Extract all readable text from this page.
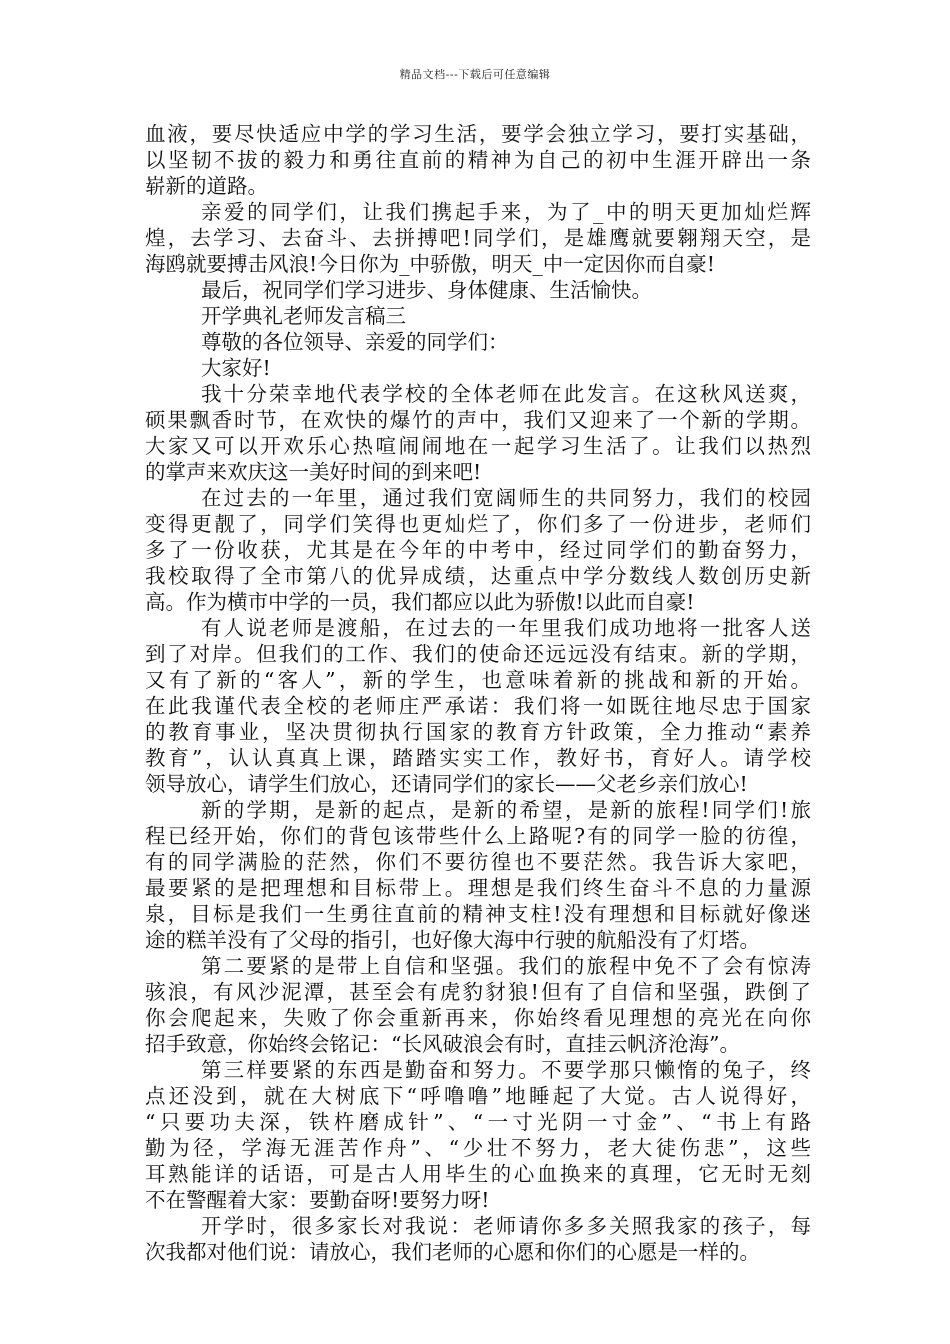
精品文档---下载后可任意编辑
血液，要尽快适应中学的学习生活，要学会独立学习，要打实基础，
以坚韧不拔的毅力和勇往直前的精神为自己的初中生涯开辟出一条
崭新的道路。
亲爱的同学们，让我们携起手来，为了_中的明天更加灿烂辉
煌，去学习、去奋斗、去拼搏吧!同学们，是雄鹰就要翱翔天空，是
海鸥就要搏击风浪!今日你为_中骄傲，明天_中一定因你而自豪!
最后，祝同学们学习进步、身体健康、生活愉快。
开学典礼老师发言稿三
尊敬的各位领导、亲爱的同学们：
大家好!
我十分荣幸地代表学校的全体老师在此发言。在这秋风送爽，
硕果飘香时节，在欢快的爆竹的声中，我们又迎来了一个新的学期。
大家又可以开欢乐心热喧闹闹地在一起学习生活了。让我们以热烈
的掌声来欢庆这一美好时间的到来吧!
在过去的一年里，通过我们宽阔师生的共同努力，我们的校园
变得更靓了，同学们笑得也更灿烂了，你们多了一份进步，老师们
多了一份收获，尤其是在今年的中考中，经过同学们的勤奋努力，
我校取得了全市第八的优异成绩，达重点中学分数线人数创历史新
高。作为横市中学的一员，我们都应以此为骄傲!以此而自豪!
有人说老师是渡船，在过去的一年里我们成功地将一批客人送
到了对岸。但我们的工作、我们的使命还远远没有结束。新的学期，
又有了新的“客人”，新的学生，也意味着新的挑战和新的开始。
在此我谨代表全校的老师庄严承诺：我们将一如既往地尽忠于国家
的教育事业，坚决贯彻执行国家的教育方针政策，全力推动“素养
教育”，认认真真上课，踏踏实实工作，教好书，育好人。请学校
领导放心，请学生们放心，还请同学们的家长——父老乡亲们放心!
新的学期，是新的起点，是新的希望，是新的旅程!同学们!旅
程已经开始，你们的背包该带些什么上路呢?有的同学一脸的彷徨，
有的同学满脸的茫然，你们不要彷徨也不要茫然。我告诉大家吧，
最要紧的是把理想和目标带上。理想是我们终生奋斗不息的力量源
泉，目标是我们一生勇往直前的精神支柱!没有理想和目标就好像迷
途的糕羊没有了父母的指引，也好像大海中行驶的航船没有了灯塔。
第二要紧的是带上自信和坚强。我们的旅程中免不了会有惊涛
骇浪，有风沙泥潭，甚至会有虎豹豺狼!但有了自信和坚强，跌倒了
你会爬起来，失败了你会重新再来，你始终看见理想的亮光在向你
招手致意，你始终会铭记：“长风破浪会有时，直挂云帆济沧海”。
第三样要紧的东西是勤奋和努力。不要学那只懒惰的兔子，终
点还没到，就在大树底下“呼噜噜”地睡起了大觉。古人说得好，
“只要功夫深，铁杵磨成针”、“一寸光阴一寸金”、“书上有路
勤为径，学海无涯苦作舟”、“少壮不努力，老大徒伤悲”，这些
耳熟能详的话语，可是古人用毕生的心血换来的真理，它无时无刻
不在警醒着大家：要勤奋呀!要努力呀!
开学时，很多家长对我说：老师请你多多关照我家的孩子，每
次我都对他们说：请放心，我们老师的心愿和你们的心愿是一样的。
